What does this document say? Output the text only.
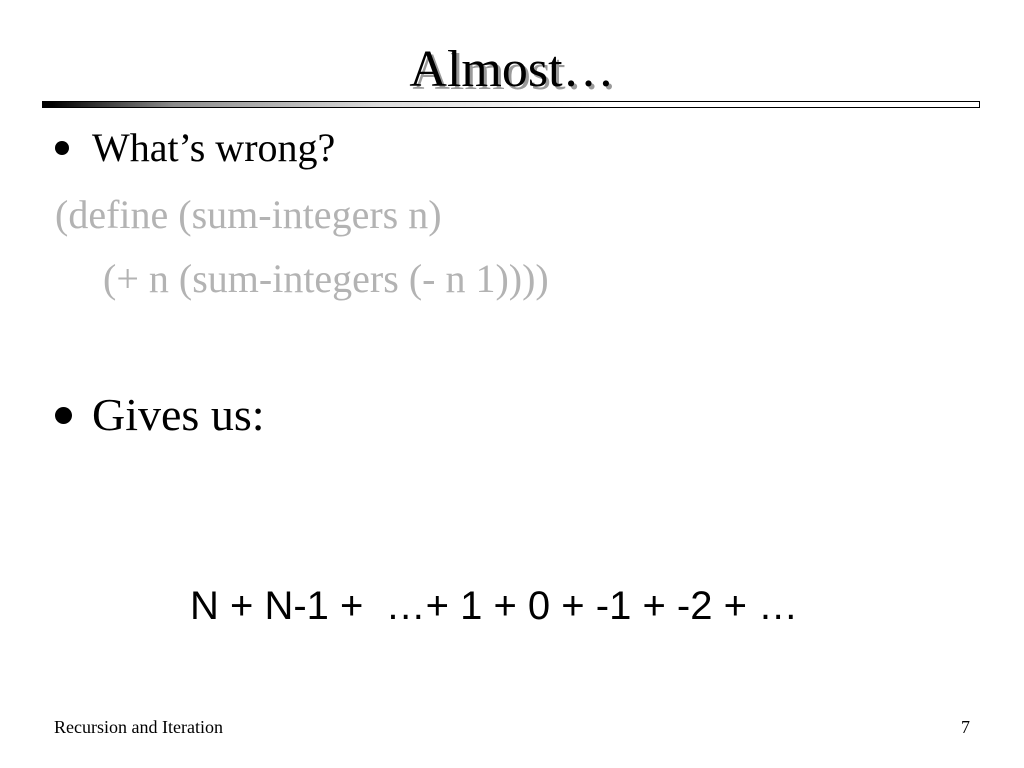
Almost…
What’s wrong?
(define (sum-integers n)
(+ n (sum-integers (- n 1))))
Gives us:
N + N-1 +  …+ 1 + 0 + -1 + -2 + …
Recursion and Iteration	7
